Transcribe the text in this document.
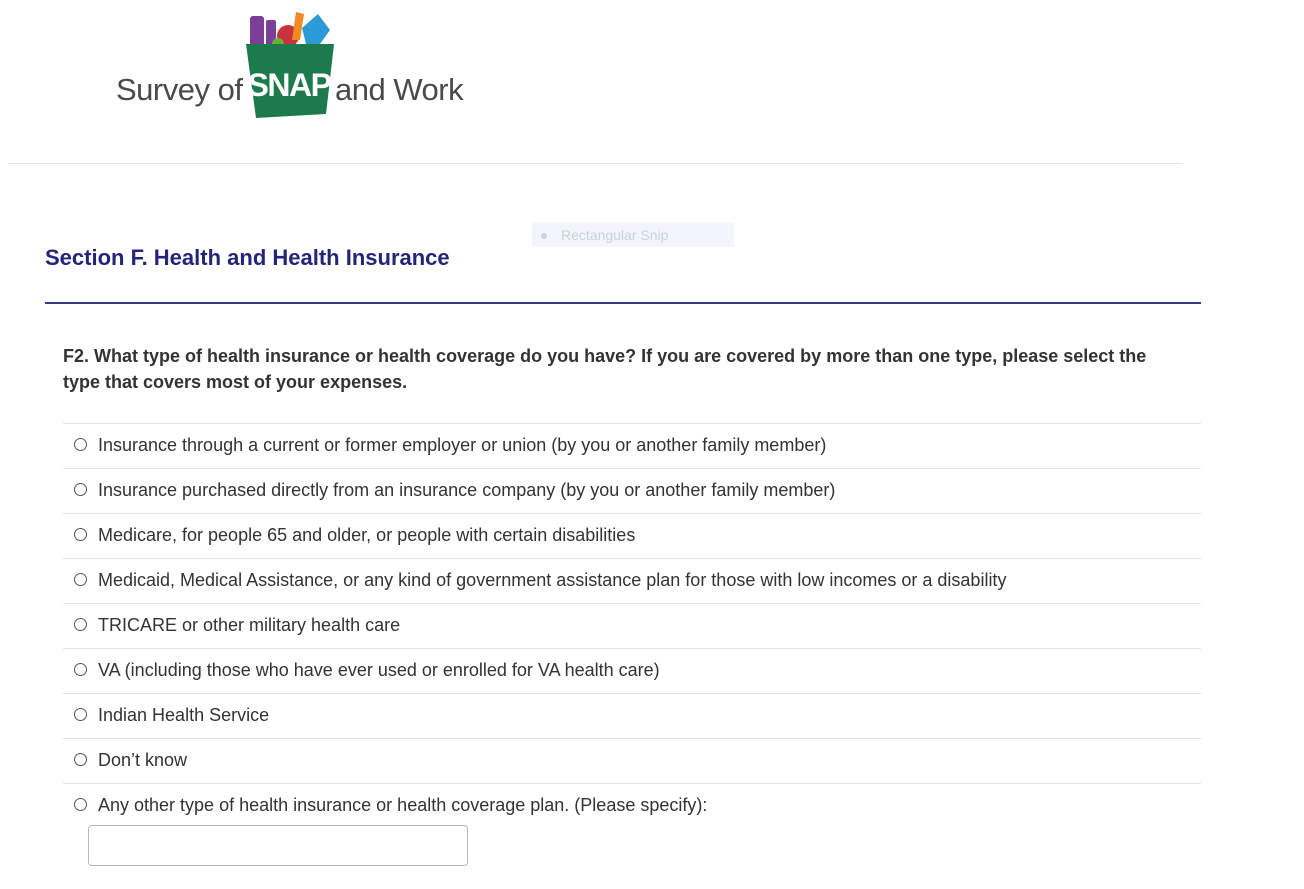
Survey of SNAP and Work
Rectangular Snip
Section F. Health and Health Insurance
F2. What type of health insurance or health coverage do you have? If you are covered by more than one type, please select the type that covers most of your expenses.
Insurance through a current or former employer or union (by you or another family member)
Insurance purchased directly from an insurance company (by you or another family member)
Medicare, for people 65 and older, or people with certain disabilities
Medicaid, Medical Assistance, or any kind of government assistance plan for those with low incomes or a disability
TRICARE or other military health care
VA (including those who have ever used or enrolled for VA health care)
Indian Health Service
Don’t know
Any other type of health insurance or health coverage plan. (Please specify):
